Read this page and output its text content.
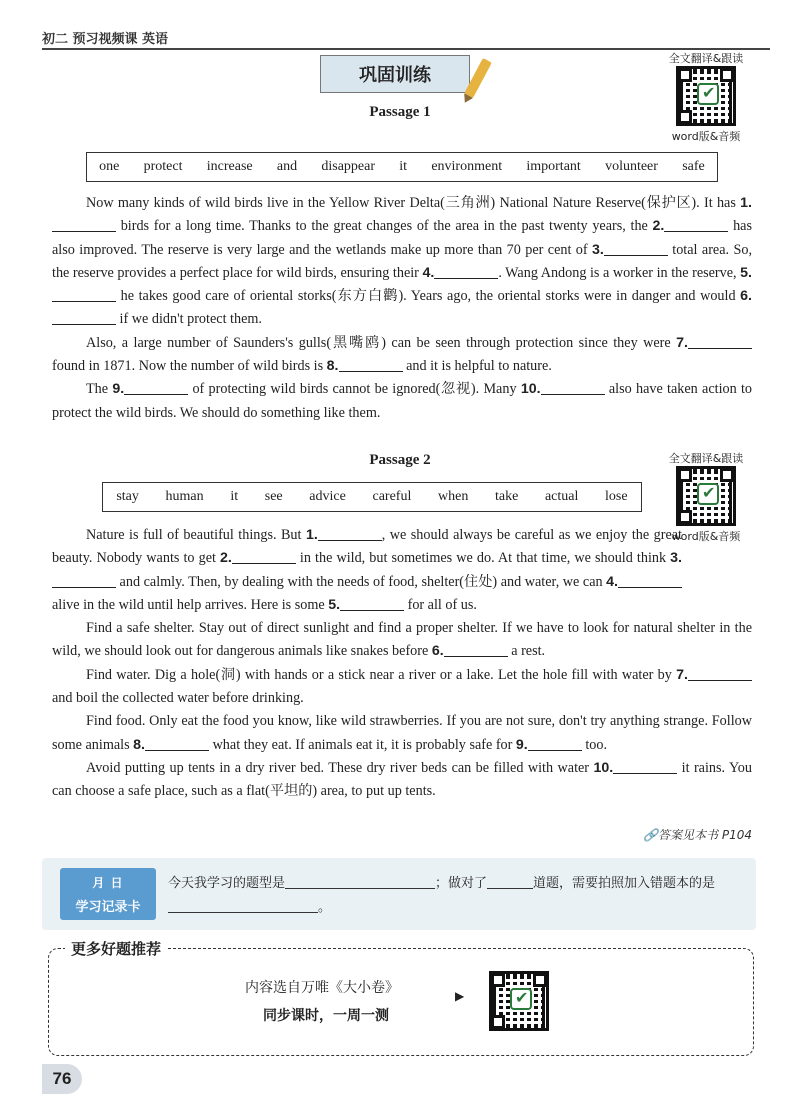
初二 预习视频课 英语
巩固训练
全文翻译&跟读
✔
word版&音频
Passage 1
one protect increase and disappear it environment important volunteer safe

Now many kinds of wild birds live in the Yellow River Delta(三角洲) National Nature Reserve(保护区). It has 1. birds for a long time. Thanks to the great changes of the area in the past twenty years, the 2.	has also improved. The reserve is very large and the wetlands make up more than 70 per cent of 3.	total area. So, the reserve provides a perfect place for wild birds, ensuring their 4.	. Wang Andong is a worker in the reserve, 5. he takes good care of oriental storks(东方白鹳). Years ago, the oriental storks were in danger and would 6. if we didn't protect them.

Also, a large number of Saunders's gulls(黑嘴鸥) can be seen through protection since they were 7. found in 1871. Now the number of wild birds is 8.	and it is helpful to nature.

The 9.	of protecting wild birds cannot be ignored(忽视). Many 10.	also have taken action to protect the wild birds. We should do something like them.

Passage 2	全文翻译&跟读
✔
word版&音频
stay human it see advice careful when take actual lose

Nature is full of beautiful things. But 1.	, we should always be careful as we enjoy the great beauty. Nobody wants to get 2.	in the wild, but sometimes we do. At that time, we should think 3. and calmly. Then, by dealing with the needs of food, shelter(住处) and water, we can 4. alive in the wild until help arrives. Here is some 5.	for all of us.

Find a safe shelter. Stay out of direct sunlight and find a proper shelter. If we have to look for natural shelter in the wild, we should look out for dangerous animals like snakes before 6.	a rest.

Find water. Dig a hole(洞) with hands or a stick near a river or a lake. Let the hole fill with water by 7. and boil the collected water before drinking.

Find food. Only eat the food you know, like wild strawberries. If you are not sure, don't try anything strange. Follow some animals 8.	what they eat. If animals eat it, it is probably safe for 9.	too.

Avoid putting up tents in a dry river bed. These dry river beds can be filled with water 10.	it rains. You can choose a safe place, such as a flat(平坦的) area, to put up tents.

🔗答案见本书 P104
月 日
学习记录卡
今天我学习的题型是	；做对了	道题，需要拍照加入错题本的是。
更多好题推荐
内容选自万唯《大小卷》
同步课时，一周一测
▶
✔
76
